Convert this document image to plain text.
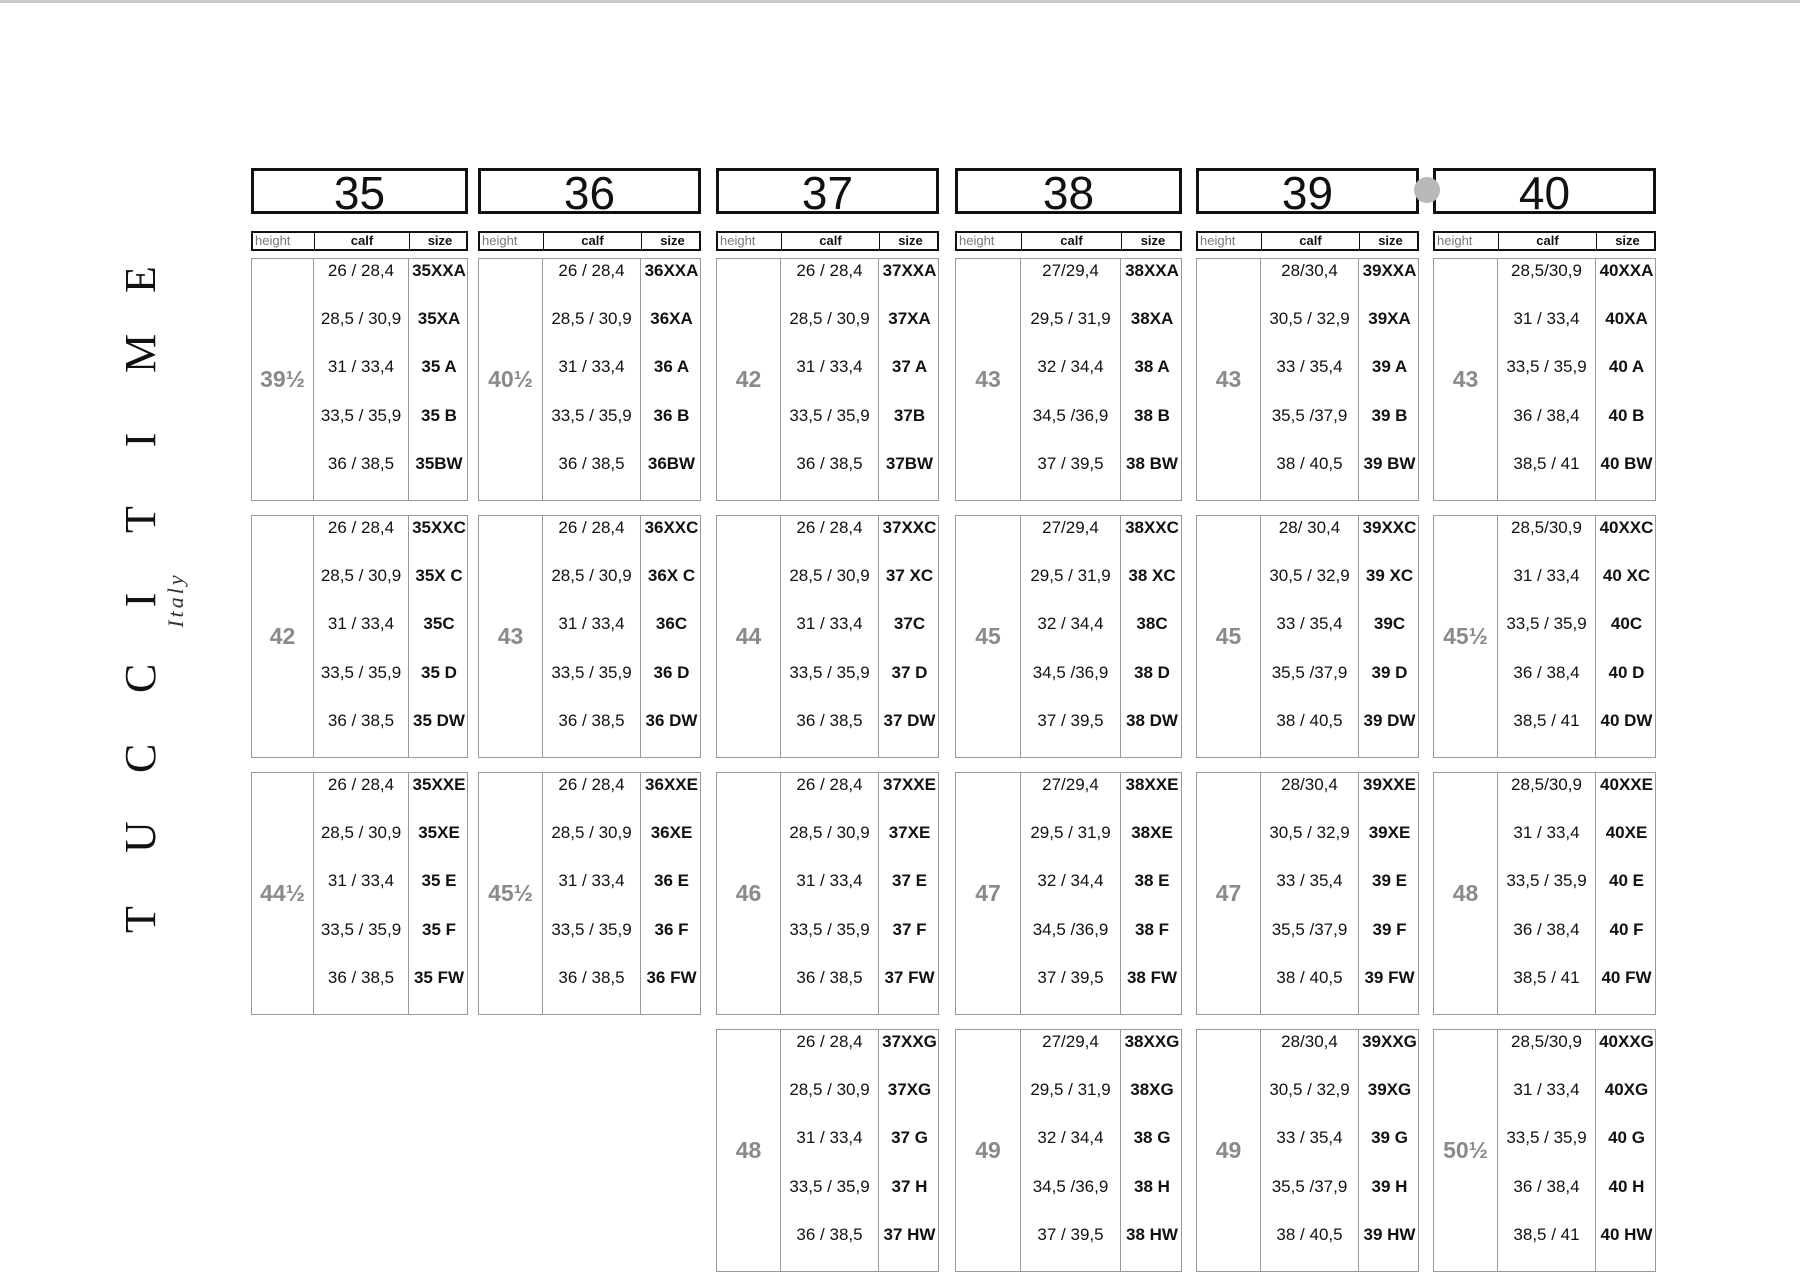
T
U
C
C
I
T
I
M
E
Italy
35
height	calf	size
39½
26 / 28,4	35XXA
28,5 / 30,9 35XA
31 / 33,4	35 A
33,5 / 35,9	35 B
36 / 38,5	35BW
42
26 / 28,4	35XXC
28,5 / 30,9 35X C
31 / 33,4	35C
33,5 / 35,9	35 D
36 / 38,5	35 DW
44½
26 / 28,4	35XXE
28,5 / 30,9	35XE
31 / 33,4	35 E
33,5 / 35,9	35 F
36 / 38,5	35 FW
36
height	calf	size
40½
26 / 28,4	36XXA
28,5 / 30,9	36XA
31 / 33,4	36 A
33,5 / 35,9	36 B
36 / 38,5	36BW
43
26 / 28,4	36XXC
28,5 / 30,9 36X C
31 / 33,4	36C
33,5 / 35,9	36 D
36 / 38,5	36 DW
45½
26 / 28,4	36XXE
28,5 / 30,9	36XE
31 / 33,4	36 E
33,5 / 35,9	36 F
36 / 38,5	36 FW
37
height	calf	size
42
26 / 28,4	37XXA
28,5 / 30,9	37XA
31 / 33,4	37 A
33,5 / 35,9	37B
36 / 38,5	37BW
44
26 / 28,4	37XXC
28,5 / 30,9 37 XC
31 / 33,4	37C
33,5 / 35,9	37 D
36 / 38,5	37 DW
46
26 / 28,4	37XXE
28,5 / 30,9	37XE
31 / 33,4	37 E
33,5 / 35,9	37 F
36 / 38,5	37 FW
48
26 / 28,4	37XXG
28,5 / 30,9	37XG
31 / 33,4	37 G
33,5 / 35,9	37 H
36 / 38,5	37 HW
38
height	calf	size
43
27/29,4	38XXA
29,5 / 31,9	38XA
32 / 34,4	38 A
34,5 /36,9	38 B
37 / 39,5	38 BW
45
27/29,4	38XXC
29,5 / 31,9	38 XC
32 / 34,4	38C
34,5 /36,9	38 D
37 / 39,5	38 DW
47
27/29,4	38XXE
29,5 / 31,9	38XE
32 / 34,4	38 E
34,5 /36,9	38 F
37 / 39,5	38 FW
49
27/29,4	38XXG
29,5 / 31,9	38XG
32 / 34,4	38 G
34,5 /36,9	38 H
37 / 39,5	38 HW
39
height	calf	size
43
28/30,4	39XXA
30,5 / 32,9	39XA
33 / 35,4	39 A
35,5 /37,9	39 B
38 / 40,5	39 BW
45
28/ 30,4	39XXC
30,5 / 32,9 39 XC
33 / 35,4	39C
35,5 /37,9	39 D
38 / 40,5	39 DW
47
28/30,4	39XXE
30,5 / 32,9	39XE
33 / 35,4	39 E
35,5 /37,9	39 F
38 / 40,5	39 FW
49
28/30,4	39XXG
30,5 / 32,9	39XG
33 / 35,4	39 G
35,5 /37,9	39 H
38 / 40,5	39 HW
40
height	calf	size
43
28,5/30,9	40XXA
31 / 33,4	40XA
33,5 / 35,9	40 A
36 / 38,4	40 B
38,5 / 41	40 BW
45½
28,5/30,9	40XXC
31 / 33,4	40 XC
33,5 / 35,9	40C
36 / 38,4	40 D
38,5 / 41	40 DW
48
28,5/30,9	40XXE
31 / 33,4	40XE
33,5 / 35,9	40 E
36 / 38,4	40 F
38,5 / 41	40 FW
50½
28,5/30,9	40XXG
31 / 33,4	40XG
33,5 / 35,9	40 G
36 / 38,4	40 H
38,5 / 41	40 HW
